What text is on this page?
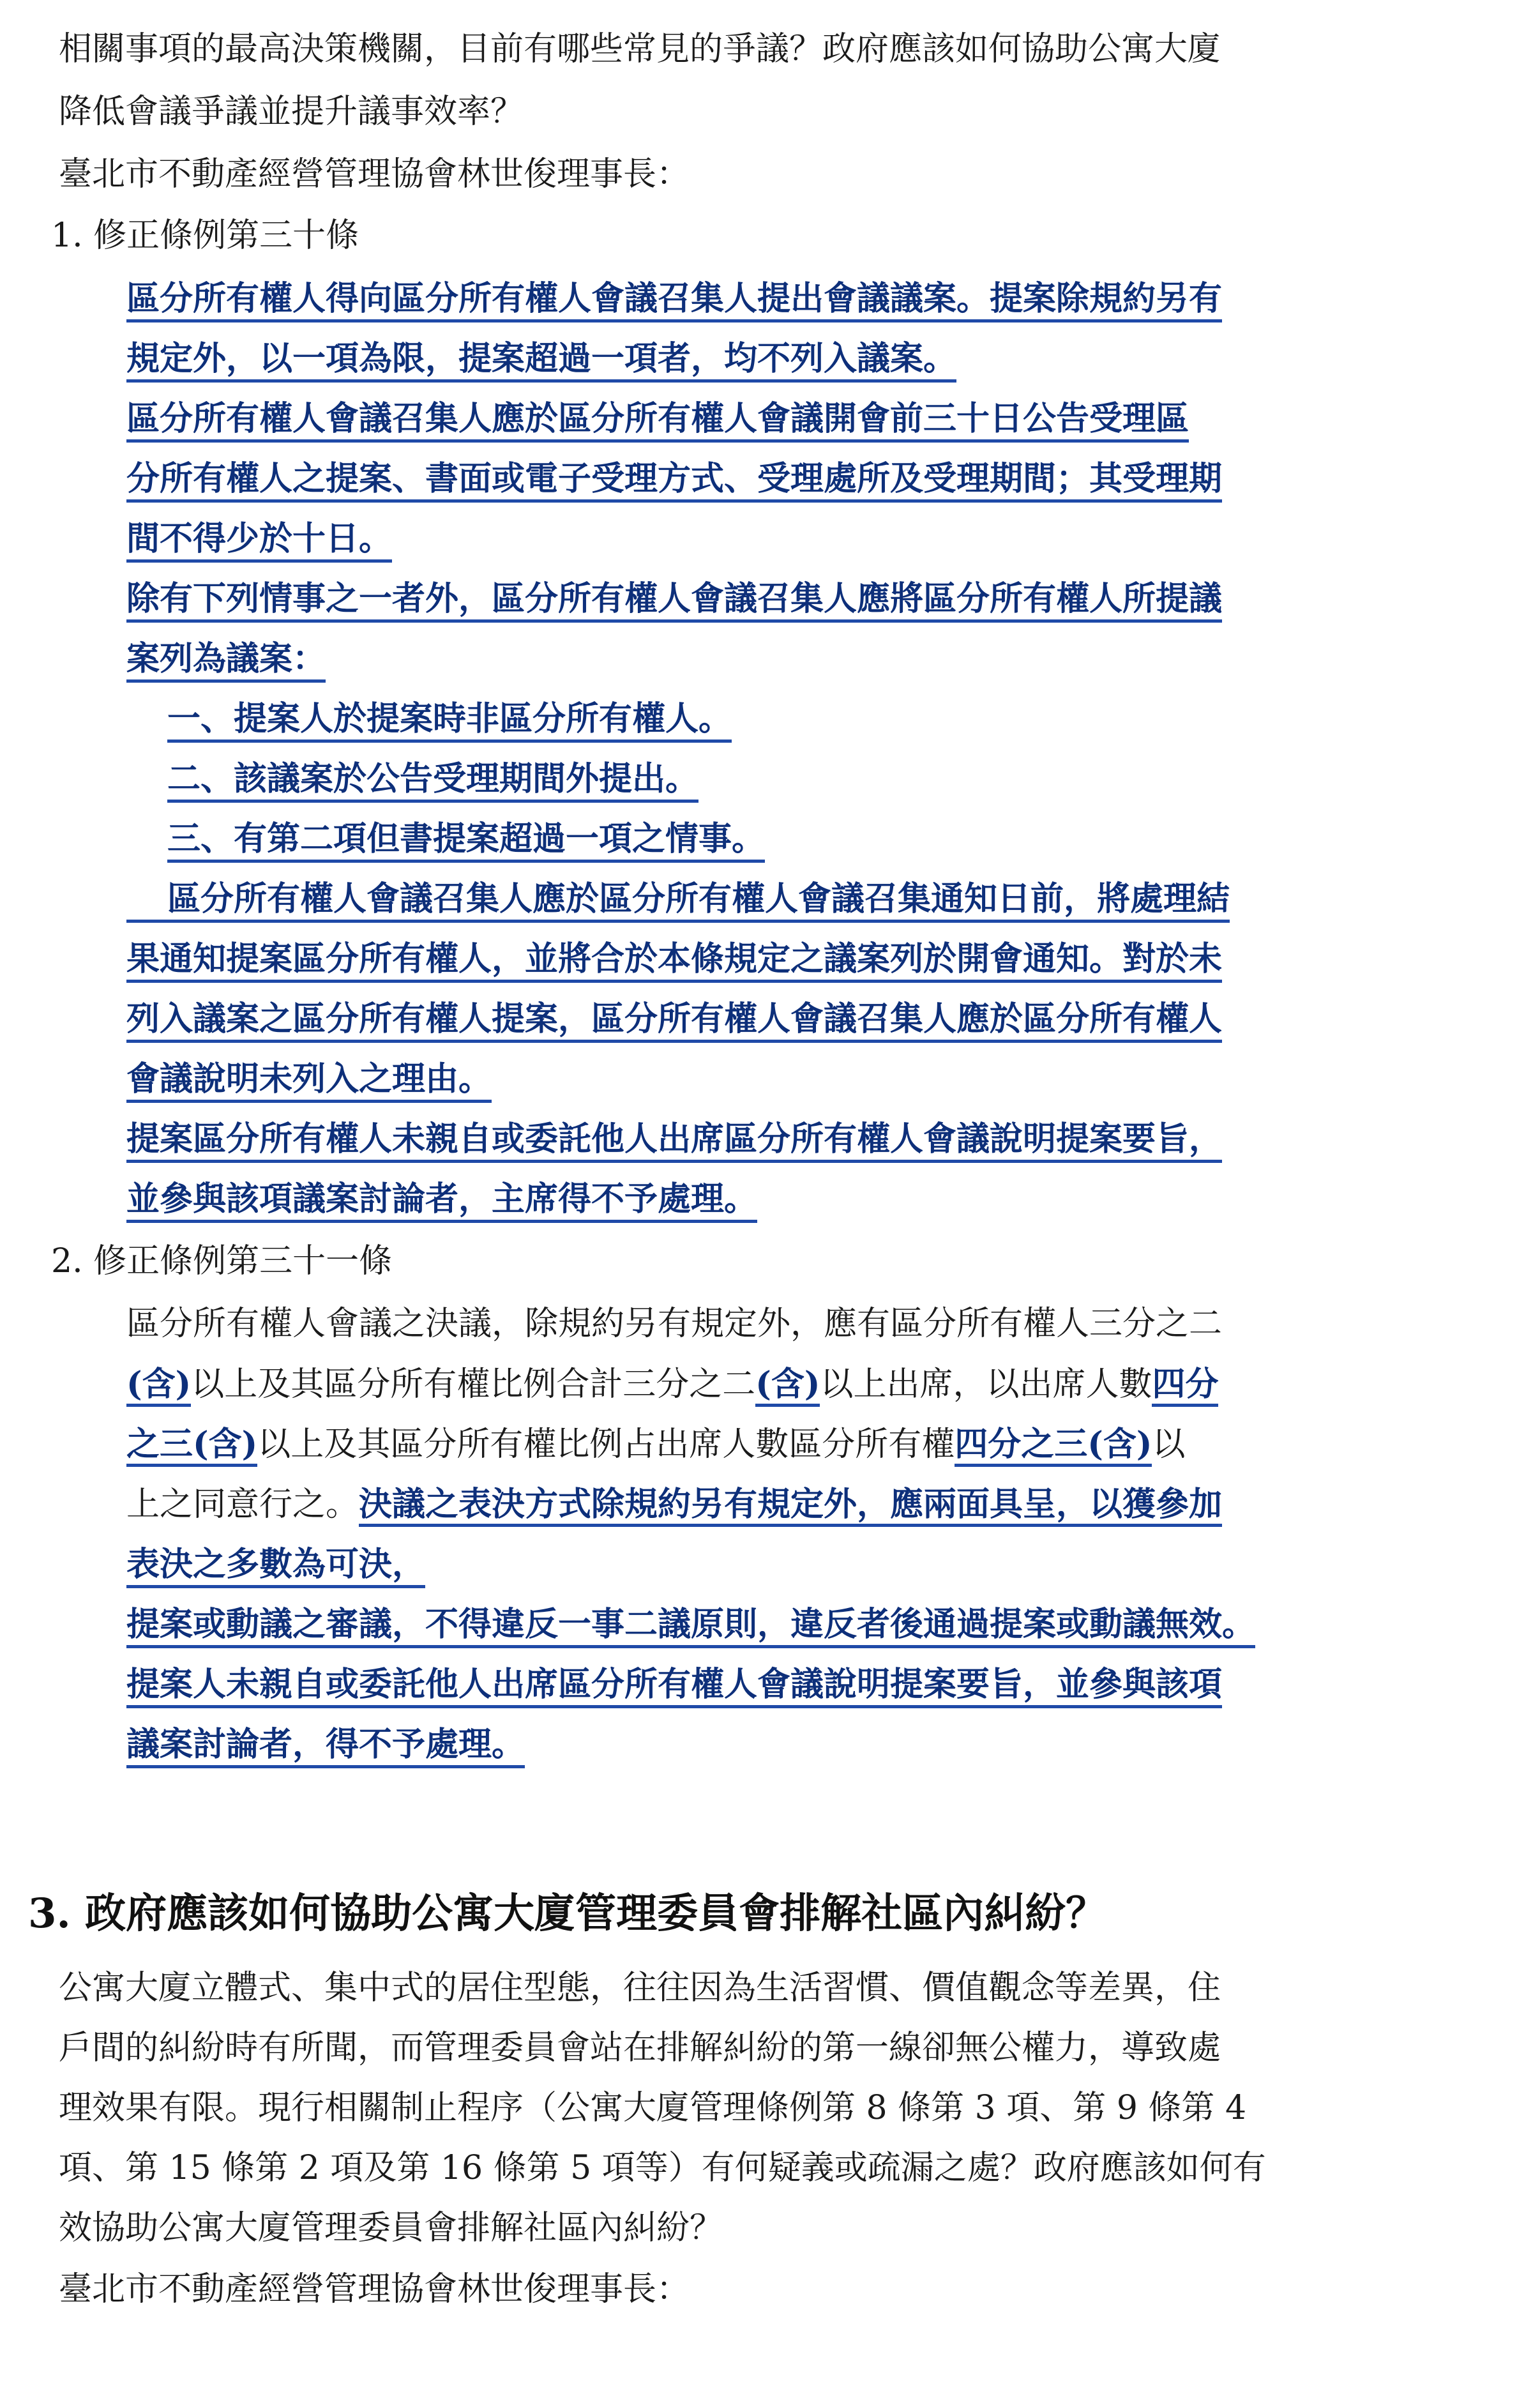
相關事項的最高決策機關，目前有哪些常見的爭議？政府應該如何協助公寓大廈
降低會議爭議並提升議事效率？
臺北市不動產經營管理協會林世俊理事長：
1. 修正條例第三十條
區分所有權人得向區分所有權人會議召集人提出會議議案。提案除規約另有
規定外，以一項為限，提案超過一項者，均不列入議案。
區分所有權人會議召集人應於區分所有權人會議開會前三十日公告受理區
分所有權人之提案、書面或電子受理方式、受理處所及受理期間；其受理期
間不得少於十日。
除有下列情事之一者外，區分所有權人會議召集人應將區分所有權人所提議
案列為議案：
一、提案人於提案時非區分所有權人。
二、該議案於公告受理期間外提出。
三、有第二項但書提案超過一項之情事。
區分所有權人會議召集人應於區分所有權人會議召集通知日前，將處理結
果通知提案區分所有權人，並將合於本條規定之議案列於開會通知。對於未
列入議案之區分所有權人提案，區分所有權人會議召集人應於區分所有權人
會議說明未列入之理由。
提案區分所有權人未親自或委託他人出席區分所有權人會議說明提案要旨，
並參與該項議案討論者，主席得不予處理。
2. 修正條例第三十一條
區分所有權人會議之決議，除規約另有規定外，應有區分所有權人三分之二
(含)以上及其區分所有權比例合計三分之二(含)以上出席，以出席人數四分
之三(含)以上及其區分所有權比例占出席人數區分所有權四分之三(含)以
上之同意行之。決議之表決方式除規約另有規定外，應兩面具呈，以獲參加
表決之多數為可決，
提案或動議之審議，不得違反一事二議原則，違反者後通過提案或動議無效。
提案人未親自或委託他人出席區分所有權人會議說明提案要旨，並參與該項
議案討論者，得不予處理。
3. 政府應該如何協助公寓大廈管理委員會排解社區內糾紛？
公寓大廈立體式、集中式的居住型態，往往因為生活習慣、價值觀念等差異，住
戶間的糾紛時有所聞，而管理委員會站在排解糾紛的第一線卻無公權力，導致處
理效果有限。現行相關制止程序（公寓大廈管理條例第 8 條第 3 項、第 9 條第 4
項、第 15 條第 2 項及第 16 條第 5 項等）有何疑義或疏漏之處？政府應該如何有
效協助公寓大廈管理委員會排解社區內糾紛？
臺北市不動產經營管理協會林世俊理事長：
